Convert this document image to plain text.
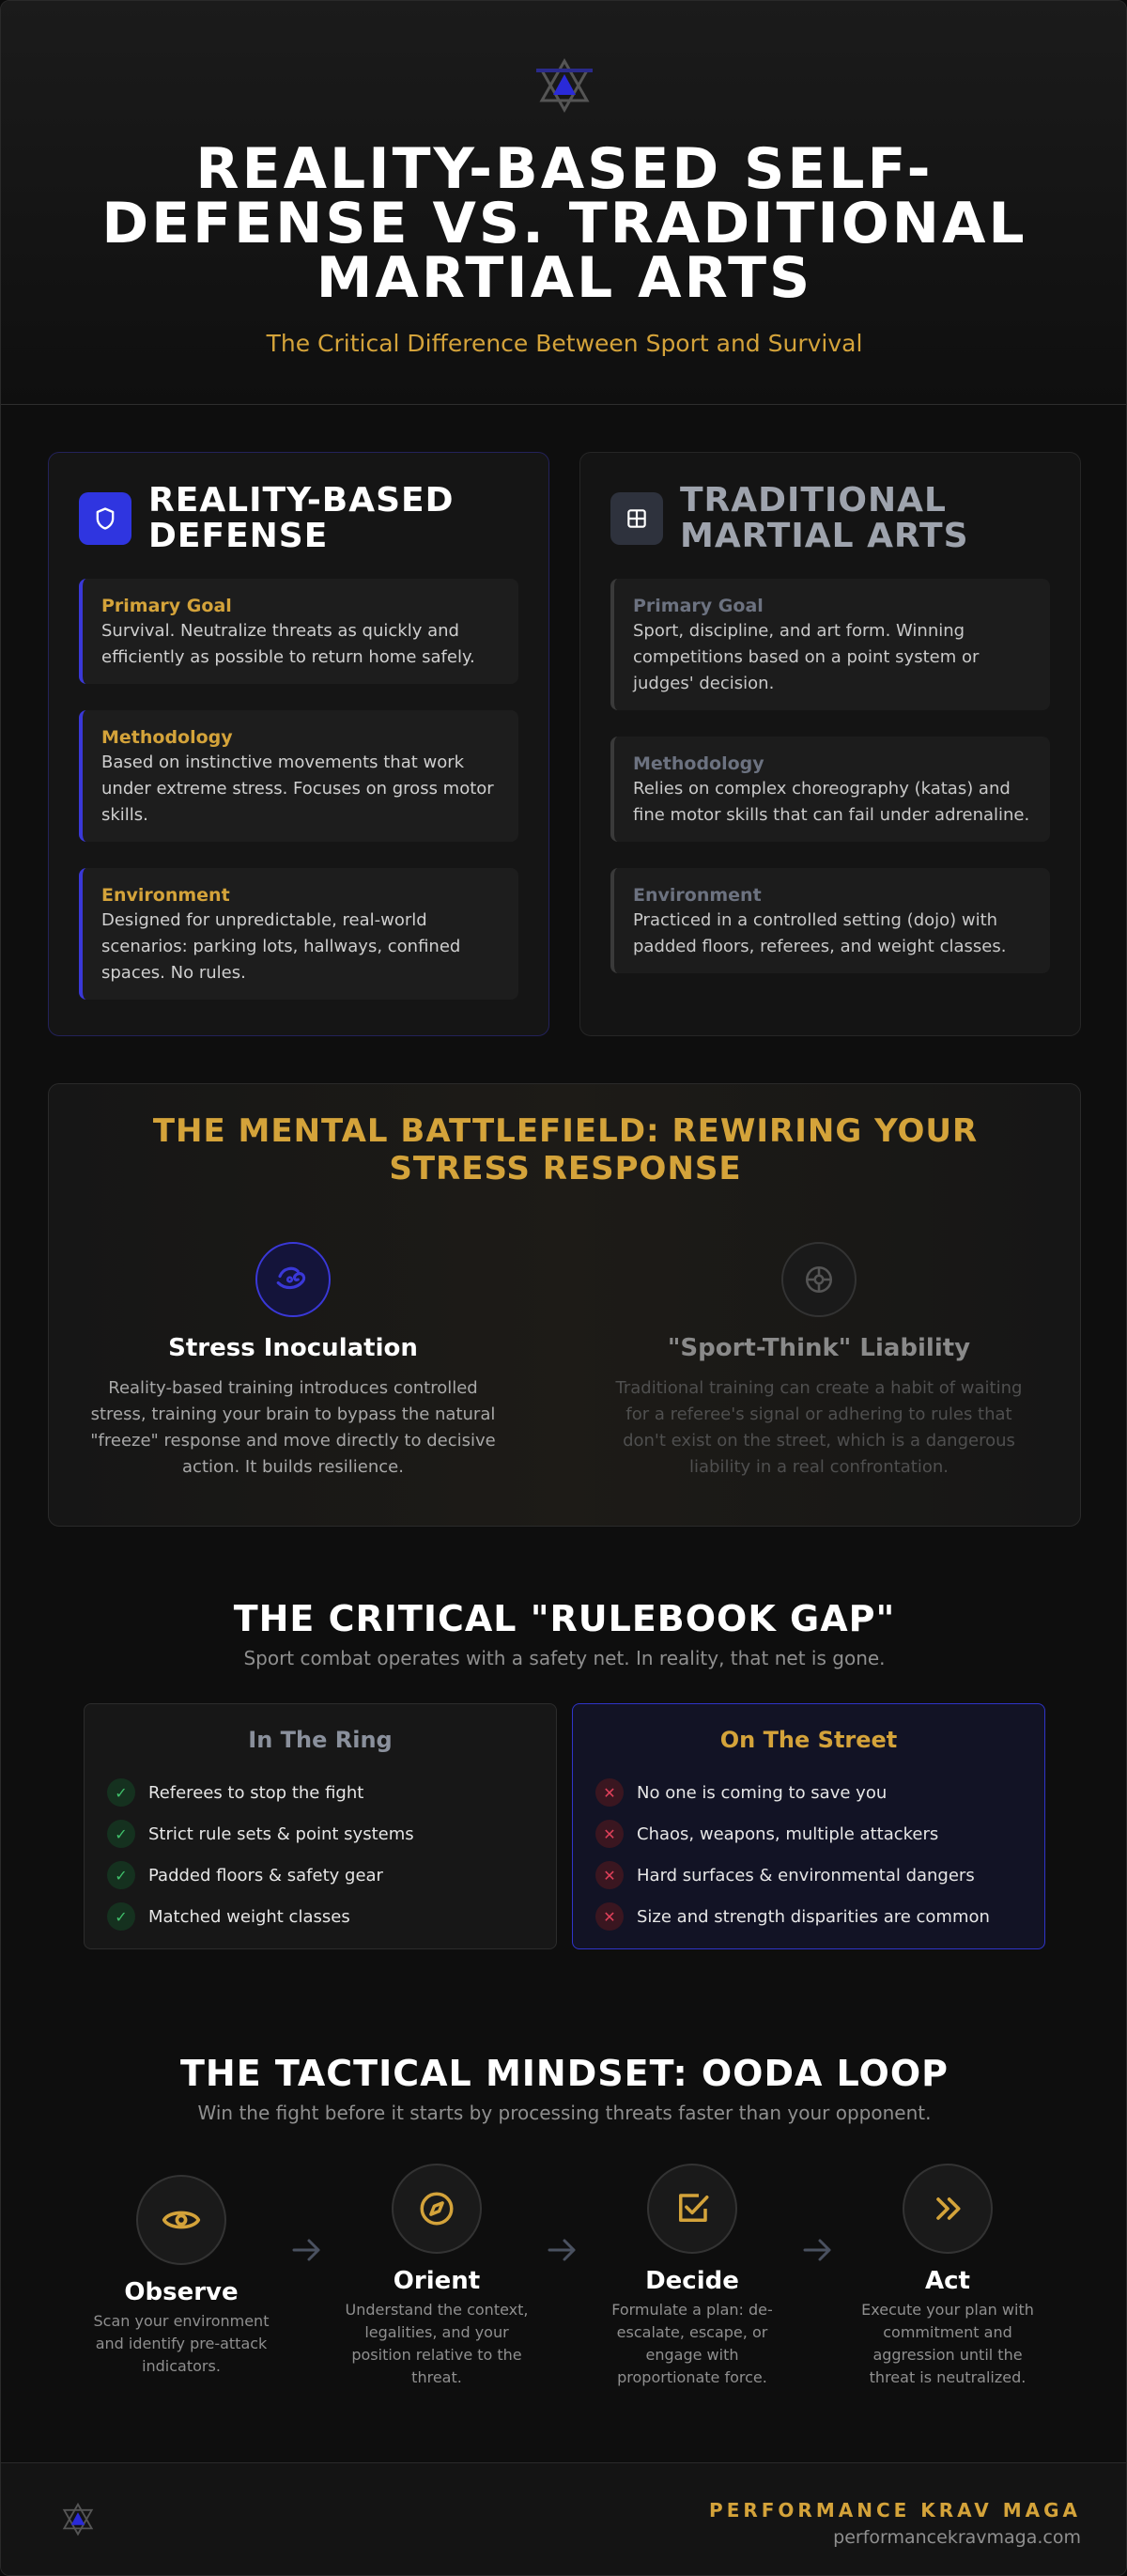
REALITY-BASED SELF-DEFENSE VS. TRADITIONAL MARTIAL ARTS
The Critical Difference Between Sport and Survival
REALITY-BASED DEFENSE
Primary Goal
Survival. Neutralize threats as quickly and efficiently as possible to return home safely.
Methodology
Based on instinctive movements that work under extreme stress. Focuses on gross motor skills.
Environment
Designed for unpredictable, real-world scenarios: parking lots, hallways, confined spaces. No rules.
TRADITIONAL MARTIAL ARTS
Primary Goal
Sport, discipline, and art form. Winning competitions based on a point system or judges' decision.
Methodology
Relies on complex choreography (katas) and fine motor skills that can fail under adrenaline.
Environment
Practiced in a controlled setting (dojo) with padded floors, referees, and weight classes.
THE MENTAL BATTLEFIELD: REWIRING YOUR STRESS RESPONSE
Stress Inoculation
Reality-based training introduces controlled stress, training your brain to bypass the natural "freeze" response and move directly to decisive action. It builds resilience.
"Sport-Think" Liability
Traditional training can create a habit of waiting for a referee's signal or adhering to rules that don't exist on the street, which is a dangerous liability in a real confrontation.
THE CRITICAL "RULEBOOK GAP"
Sport combat operates with a safety net. In reality, that net is gone.
In The Ring
✓	Referees to stop the fight
✓	Strict rule sets & point systems
✓	Padded floors & safety gear
✓	Matched weight classes
On The Street
✕	No one is coming to save you
✕	Chaos, weapons, multiple attackers
✕	Hard surfaces & environmental dangers
✕	Size and strength disparities are common
THE TACTICAL MINDSET: OODA LOOP
Win the fight before it starts by processing threats faster than your opponent.
Observe
Scan your environment and identify pre-attack indicators.
Orient
Understand the context, legalities, and your position relative to the threat.
Decide
Formulate a plan: de-escalate, escape, or engage with proportionate force.
Act
Execute your plan with commitment and aggression until the threat is neutralized.
PERFORMANCE KRAV MAGA
performancekravmaga.com
